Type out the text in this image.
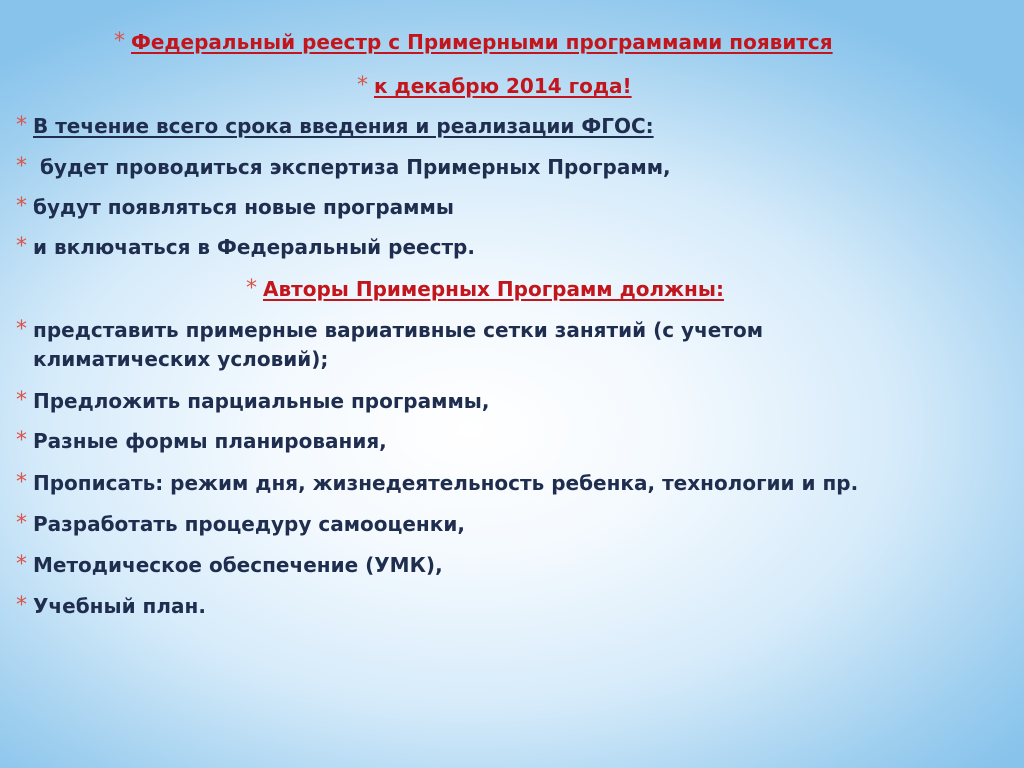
* Федеральный реестр с Примерными программами появится
* к декабрю 2014 года!
* В течение всего срока введения и реализации ФГОС:
* будет проводиться экспертиза Примерных Программ,
* будут появляться новые программы
* и включаться в Федеральный реестр.
* Авторы Примерных Программ должны:
* представить примерные вариативные сетки занятий (с учетом климатических условий);
* Предложить парциальные программы,
* Разные формы планирования,
* Прописать: режим дня, жизнедеятельность ребенка, технологии и пр.
* Разработать процедуру самооценки,
* Методическое обеспечение (УМК),
* Учебный план.
